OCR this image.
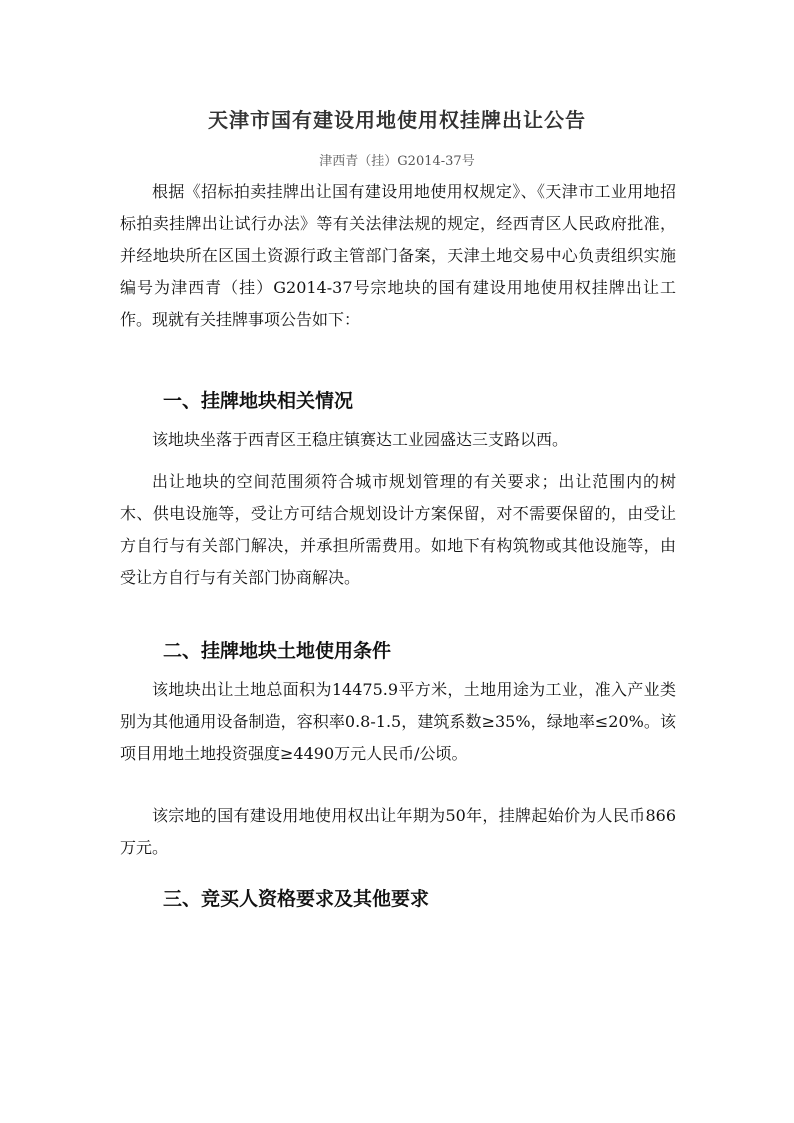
天津市国有建设用地使用权挂牌出让公告
津西青（挂）G2014-37号
根据《招标拍卖挂牌出让国有建设用地使用权规定》、《天津市工业用地招标拍卖挂牌出让试行办法》等有关法律法规的规定，经西青区人民政府批准，并经地块所在区国土资源行政主管部门备案，天津土地交易中心负责组织实施编号为津西青（挂）G2014-37号宗地块的国有建设用地使用权挂牌出让工作。现就有关挂牌事项公告如下：
一、挂牌地块相关情况
该地块坐落于西青区王稳庄镇赛达工业园盛达三支路以西。
出让地块的空间范围须符合城市规划管理的有关要求；出让范围内的树木、供电设施等，受让方可结合规划设计方案保留，对不需要保留的，由受让方自行与有关部门解决，并承担所需费用。如地下有构筑物或其他设施等，由受让方自行与有关部门协商解决。
二、挂牌地块土地使用条件
该地块出让土地总面积为14475.9平方米，土地用途为工业，准入产业类别为其他通用设备制造，容积率0.8-1.5，建筑系数≥35%，绿地率≤20%。该项目用地土地投资强度≥4490万元人民币/公顷。
该宗地的国有建设用地使用权出让年期为50年，挂牌起始价为人民币866万元。
三、竞买人资格要求及其他要求
